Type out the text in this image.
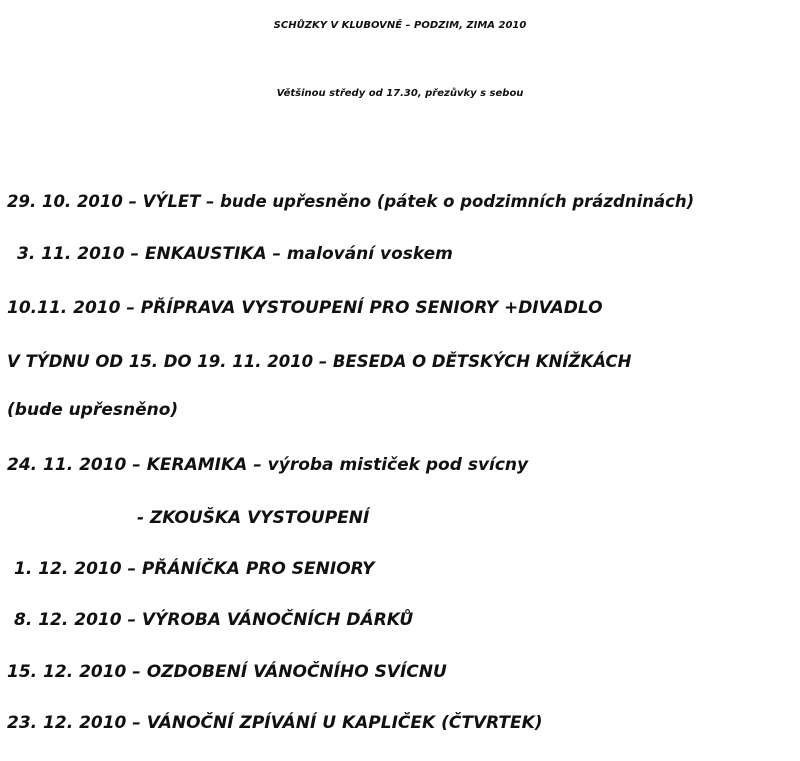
SCHŮZKY V KLUBOVNĚ – PODZIM, ZIMA 2010
Většinou středy od 17.30, přezůvky s sebou
29. 10. 2010 – VÝLET – bude upřesněno (pátek o podzimních prázdninách)
3. 11. 2010 – ENKAUSTIKA – malování voskem
10.11. 2010 – PŘÍPRAVA VYSTOUPENÍ PRO SENIORY +DIVADLO
V TÝDNU OD 15. DO 19. 11. 2010 – BESEDA O DĚTSKÝCH KNÍŽKÁCH
(bude upřesněno)
24. 11. 2010 – KERAMIKA – výroba mističek pod svícny
- ZKOUŠKA VYSTOUPENÍ
1. 12. 2010 – PŘÁNÍČKA PRO SENIORY
8. 12. 2010 – VÝROBA VÁNOČNÍCH DÁRKŮ
15. 12. 2010 – OZDOBENÍ VÁNOČNÍHO SVÍCNU
23. 12. 2010 – VÁNOČNÍ ZPÍVÁNÍ U KAPLIČEK (ČTVRTEK)
